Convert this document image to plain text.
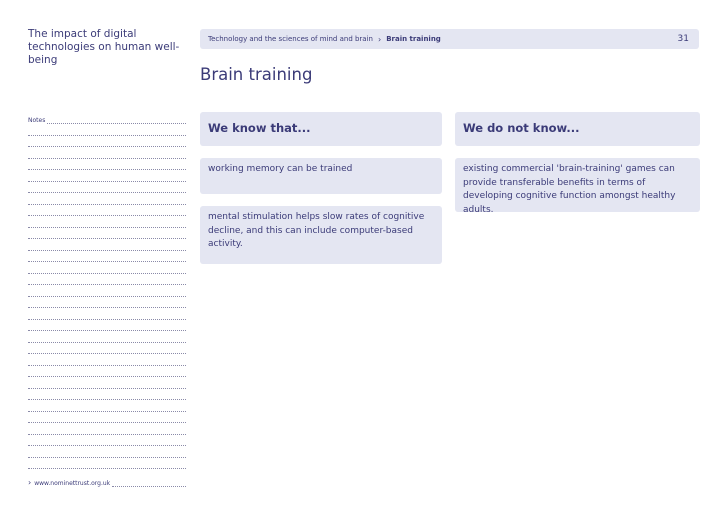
The impact of digital technologies on human well-being
Technology and the sciences of mind and brain › Brain training	31
Brain training
Notes
› www.nominettrust.org.uk
We know that...	We do not know...
working memory can be trained
mental stimulation helps slow rates of cognitive decline, and this can include computer-based activity.
existing commercial 'brain-training' games can provide transferable benefits in terms of developing cognitive function amongst healthy adults.
